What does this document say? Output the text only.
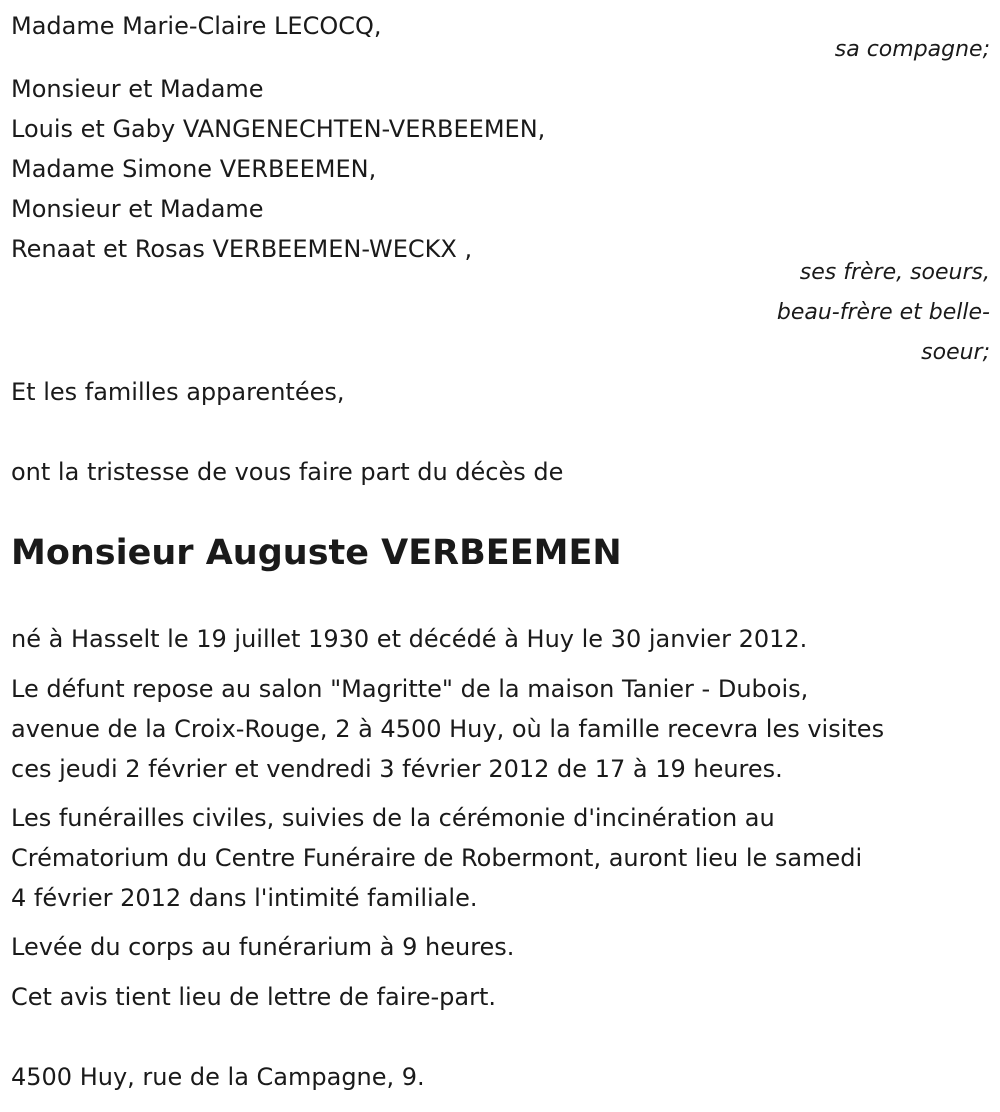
Madame Marie-Claire LECOCQ,
sa compagne;
Monsieur et Madame
Louis et Gaby VANGENECHTEN-VERBEEMEN,
Madame Simone VERBEEMEN,
Monsieur et Madame
Renaat et Rosas VERBEEMEN-WECKX ,
ses frère, soeurs,
beau-frère et belle-
soeur;
Et les familles apparentées,
ont la tristesse de vous faire part du décès de
Monsieur Auguste VERBEEMEN
né à Hasselt le 19 juillet 1930 et décédé à Huy le 30 janvier 2012.
Le défunt repose au salon "Magritte" de la maison Tanier - Dubois,
avenue de la Croix-Rouge, 2 à 4500 Huy, où la famille recevra les visites
ces jeudi 2 février et vendredi 3 février 2012 de 17 à 19 heures.
Les funérailles civiles, suivies de la cérémonie d'incinération au
Crématorium du Centre Funéraire de Robermont, auront lieu le samedi
4 février 2012 dans l'intimité familiale.
Levée du corps au funérarium à 9 heures.
Cet avis tient lieu de lettre de faire-part.
4500 Huy, rue de la Campagne, 9.
